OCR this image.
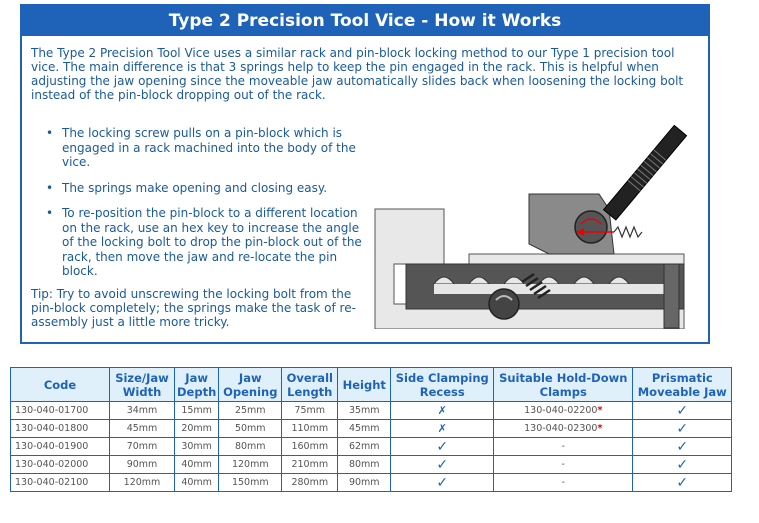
Type 2 Precision Tool Vice - How it Works

The Type 2 Precision Tool Vice uses a similar rack and pin-block locking method to our Type 1 precision tool vice. The main difference is that 3 springs help to keep the pin engaged in the rack. This is helpful when adjusting the jaw opening since the moveable jaw automatically slides back when loosening the locking bolt instead of the pin-block dropping out of the rack.

• The locking screw pulls on a pin-block which is engaged in a rack machined into the body of the vice.
• The springs make opening and closing easy.
• To re-position the pin-block to a different location on the rack, use an hex key to increase the angle of the locking bolt to drop the pin-block out of the rack, then move the jaw and re-locate the pin block.

Tip: Try to avoid unscrewing the locking bolt from the pin-block completely; the springs make the task of re-assembly just a little more tricky.

Code	Size/Jaw Width	Jaw Depth	Jaw Opening	Overall Length	Height	Side Clamping Recess	Suitable Hold-Down Clamps	Prismatic Moveable Jaw
130-040-01700	34mm	15mm	25mm	75mm	35mm	✗	130-040-02200*	✓
130-040-01800	45mm	20mm	50mm	110mm	45mm	✗	130-040-02300*	✓
130-040-01900	70mm	30mm	80mm	160mm	62mm	✓	-	✓
130-040-02000	90mm	40mm	120mm	210mm	80mm	✓	-	✓
130-040-02100	120mm	40mm	150mm	280mm	90mm	✓	-	✓
